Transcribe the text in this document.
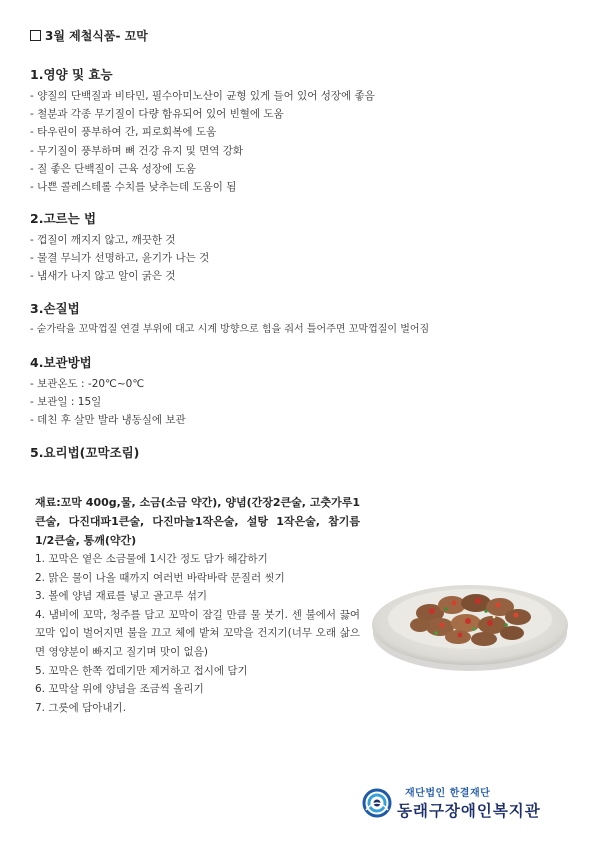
3월 제철식품- 꼬막
1.영양 및 효능
- 양질의 단백질과 비타민, 필수아미노산이 균형 있게 들어 있어 성장에 좋음
- 철분과 각종 무기질이 다량 함유되어 있어 빈혈에 도움
- 타우린이 풍부하여 간, 피로회복에 도움
- 무기질이 풍부하며 뼈 건강 유지 및 면역 강화
- 질 좋은 단백질이 근육 성장에 도움
- 나쁜 콜레스테롤 수치를 낮추는데 도움이 됨
2.고르는 법
- 껍질이 깨지지 않고, 깨끗한 것
- 물결 무늬가 선명하고, 윤기가 나는 것
- 냄새가 나지 않고 알이 굵은 것
3.손질법
- 숟가락을 꼬막껍질 연결 부위에 대고 시계 방향으로 힘을 줘서 틀어주면 꼬막껍질이 벌어짐
4.보관방법
- 보관온도 : -20℃~0℃
- 보관일 : 15일
- 데친 후 살만 발라 냉동실에 보관
5.요리법(꼬막조림)
재료:꼬막 400g,물, 소금(소금 약간), 양념(간장2큰술, 고춧가루1큰술, 다진대파1큰술, 다진마늘1작은술, 설탕 1작은술, 참기름 1/2큰술, 통깨(약간)
1. 꼬막은 옅은 소금물에 1시간 정도 담가 해감하기
2. 맑은 물이 나올 때까지 여러번 바락바락 문질러 씻기
3. 볼에 양념 재료를 넣고 골고루 섞기
4. 냄비에 꼬막, 청주를 담고 꼬막이 잠길 만큼 물 붓기. 센 불에서 끓여 꼬막 입이 벌어지면 불을 끄고 체에 밭쳐 꼬막을 건지기(너무 오래 삶으면 영양분이 빠지고 질기며 맛이 없음)
5. 꼬막은 한쪽 껍데기만 제거하고 접시에 담기
6. 꼬막살 위에 양념을 조금씩 올리기
7. 그릇에 담아내기.
재단법인 한결재단
동래구장애인복지관
